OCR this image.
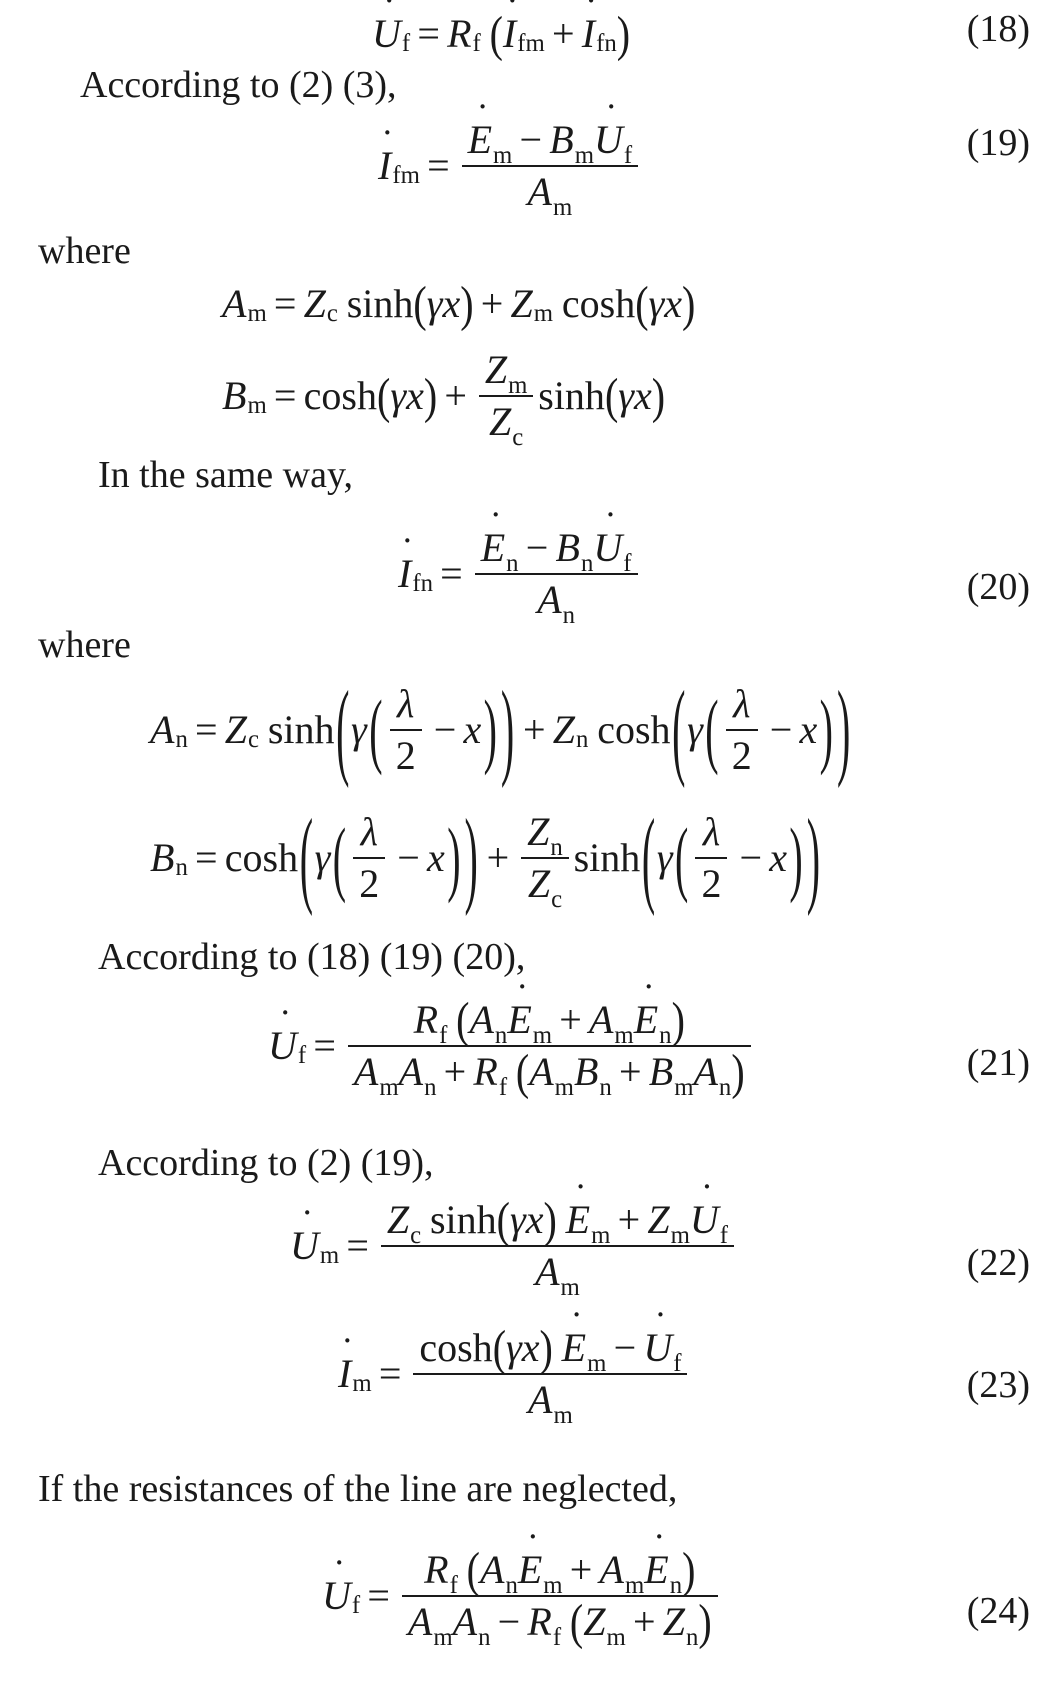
˙ U f = R f ( ˙ I fm + ˙ I fn )	(18)
According to (2) (3),
˙ I fm = ˙ $\frac{E_m - B_m˙ U_f}{A_m}$	(19)
where
A m = Z c sinh ( γx ) + Z m cosh ( γx )
B m = cosh ( γx ) + $\frac{Z_m}{Z_c}$ sinh ( γx )
In the same way,
˙ I fn = ˙ $\frac{E_n - B_n˙ U_f}{A_n}$	(20)
where
A n = Z c sinh ( γ ( $\frac{\lambda}{2} - x$ ) ) + Z n cosh ( γ ( $\frac{\lambda}{2} - x$ ) )
B n = cosh ( γ ( $\frac{\lambda}{2} - x$ ) ) + $\frac{Z_n}{Z_c}$ sinh ( γ ( $\frac{\lambda}{2} - x$ ) )
According to (18) (19) (20),
˙ U $f = \frac{R_f (A_n˙ E_m + A_m˙ E_n)}{A_mA_n + R_f (A_mB_n + B_mA_n)}$	(21)
According to (2) (19),
˙ U $m = \frac{Z_c \sinh(\gamma x) ˙ E_m + Z_m˙ U_f}{A_m}$	(22)
˙ I $m = \frac{\cosh(\gamma x) ˙ E_m - ˙ U_f}{A_m}$	(23)
If the resistances of the line are neglected,
˙ U $f = \frac{R_f (A_n˙ E_m + A_m˙ E_n)}{A_mA_n - R_f (Z_m + Z_n)}$	(24)
